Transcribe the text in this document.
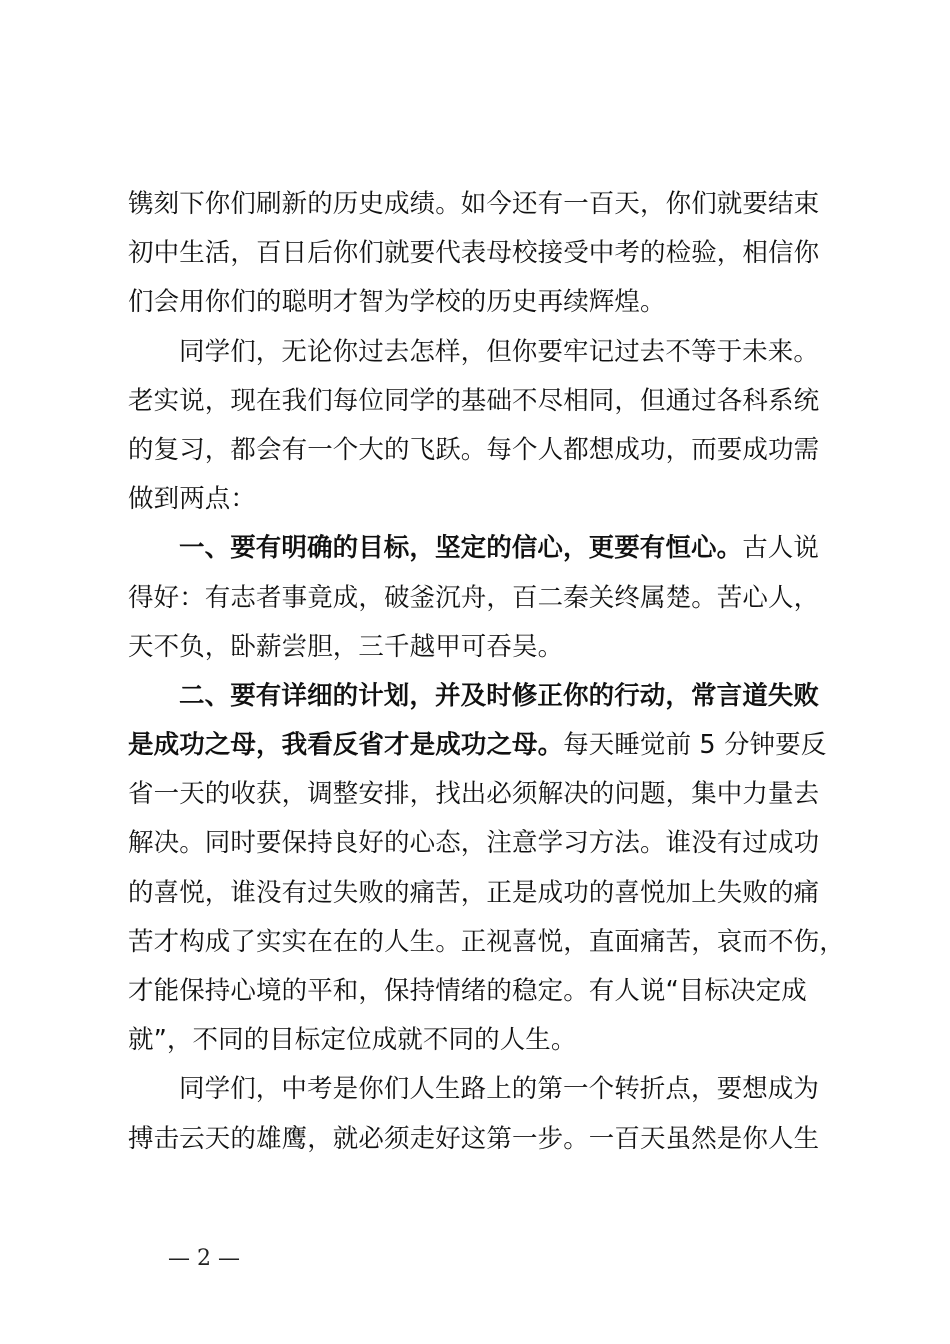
镌刻下你们刷新的历史成绩。如今还有一百天，你们就要结束
初中生活，百日后你们就要代表母校接受中考的检验，相信你
们会用你们的聪明才智为学校的历史再续辉煌。
同学们，无论你过去怎样，但你要牢记过去不等于未来。
老实说，现在我们每位同学的基础不尽相同，但通过各科系统
的复习，都会有一个大的飞跃。每个人都想成功，而要成功需
做到两点：
一、要有明确的目标，坚定的信心，更要有恒心。古人说
得好：有志者事竟成，破釜沉舟，百二秦关终属楚。苦心人，
天不负，卧薪尝胆，三千越甲可吞吴。
二、要有详细的计划，并及时修正你的行动，常言道失败
是成功之母，我看反省才是成功之母。每天睡觉前 5 分钟要反
省一天的收获，调整安排，找出必须解决的问题，集中力量去
解决。同时要保持良好的心态，注意学习方法。谁没有过成功
的喜悦，谁没有过失败的痛苦，正是成功的喜悦加上失败的痛
苦才构成了实实在在的人生。正视喜悦，直面痛苦，哀而不伤，
才能保持心境的平和，保持情绪的稳定。有人说“目标决定成
就”，不同的目标定位成就不同的人生。
同学们，中考是你们人生路上的第一个转折点，要想成为
搏击云天的雄鹰，就必须走好这第一步。一百天虽然是你人生
— 2 —
